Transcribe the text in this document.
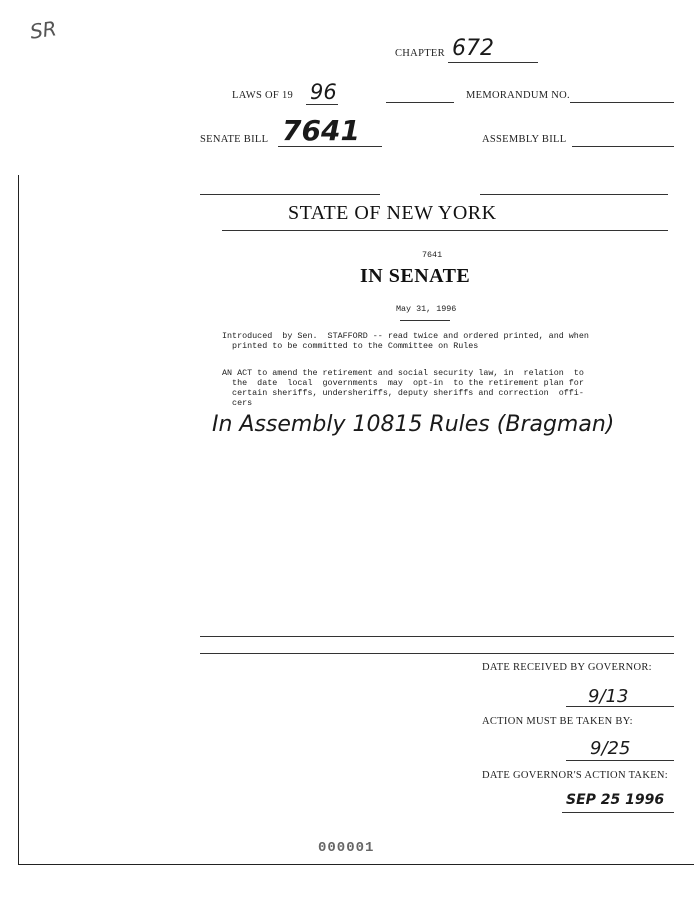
SR
CHAPTER 672
LAWS OF 19 96	MEMORANDUM NO.
SENATE BILL 7641	ASSEMBLY BILL
STATE OF NEW YORK
7641
IN SENATE
May 31, 1996
Introduced  by Sen.  STAFFORD -- read twice and ordered printed, and when
printed to be committed to the Committee on Rules
AN ACT to amend the retirement and social security law, in  relation  to
the  date  local  governments  may  opt-in  to the retirement plan for
certain sheriffs, undersheriffs, deputy sheriffs and correction  offi-
cers
In Assembly 10815 Rules (Bragman)
DATE RECEIVED BY GOVERNOR:
9/13
ACTION MUST BE TAKEN BY:
9/25
DATE GOVERNOR'S ACTION TAKEN:
SEP 25 1996
000001
